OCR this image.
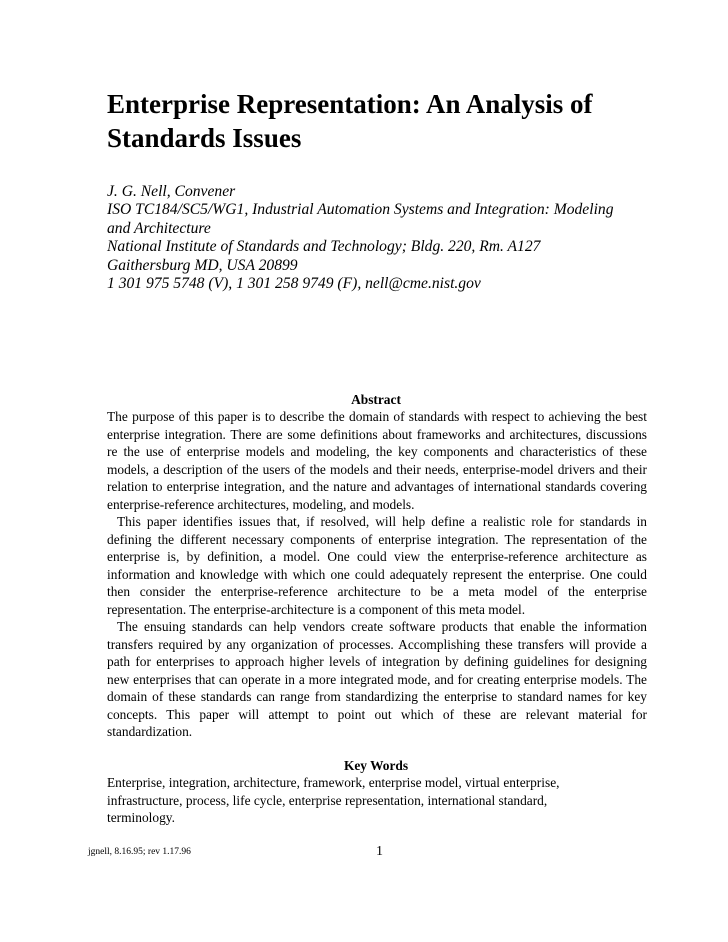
Enterprise Representation: An Analysis of
Standards Issues
J. G. Nell, Convener
ISO TC184/SC5/WG1, Industrial Automation Systems and Integration: Modeling
and Architecture
National Institute of Standards and Technology; Bldg. 220, Rm. A127
Gaithersburg MD, USA 20899
1 301 975 5748 (V), 1 301 258 9749 (F), nell@cme.nist.gov
Abstract

The purpose of this paper is to describe the domain of standards with respect to achieving the best enterprise integration. There are some definitions about frameworks and architectures, discussions re the use of enterprise models and modeling, the key components and characteristics of these models, a description of the users of the models and their needs, enterprise-model drivers and their relation to enterprise integration, and the nature and advantages of international standards covering enterprise-reference architectures, modeling, and models.

This paper identifies issues that, if resolved, will help define a realistic role for standards in defining the different necessary components of enterprise integration. The representation of the enterprise is, by definition, a model. One could view the enterprise-reference architecture as information and knowledge with which one could adequately represent the enterprise. One could then consider the enterprise-reference architecture to be a meta model of the enterprise representation. The enterprise-architecture is a component of this meta model.

The ensuing standards can help vendors create software products that enable the information transfers required by any organization of processes. Accomplishing these transfers will provide a path for enterprises to approach higher levels of integration by defining guidelines for designing new enterprises that can operate in a more integrated mode, and for creating enterprise models. The domain of these standards can range from standardizing the enterprise to standard names for key concepts. This paper will attempt to point out which of these are relevant material for standardization.

Key Words
Enterprise, integration, architecture, framework, enterprise model, virtual enterprise, infrastructure, process, life cycle, enterprise representation, international standard, terminology.
jgnell, 8.16.95; rev 1.17.96	1
